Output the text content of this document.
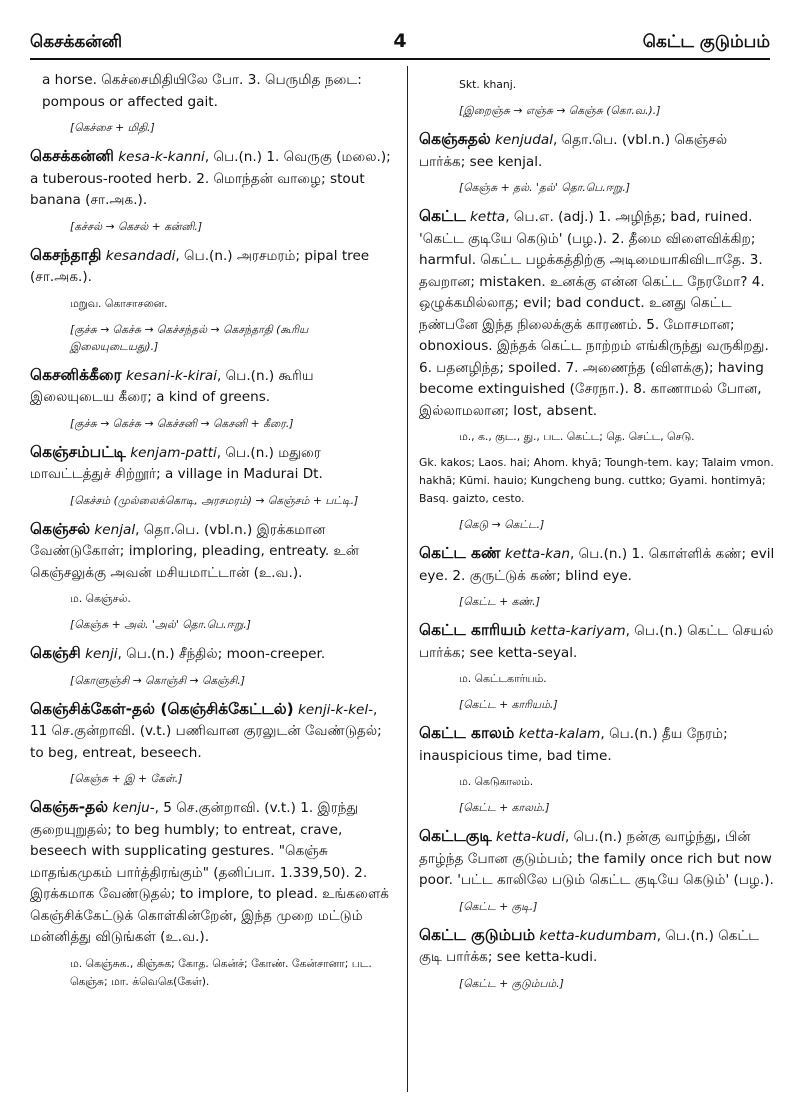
கெசக்கன்னி	4	கெட்ட குடும்பம்

a horse. கெச்சைமிதியிலே போ. 3. பெருமித நடை: pompous or affected gait.

[கெச்சை + மிதி.]

கெசக்கன்னி kesa-k-kanni, பெ.(n.) 1. வெருகு (மலை.); a tuberous-rooted herb. 2. மொந்தன் வாழை; stout banana (சா.அக.).

[கச்சல் → கெசல் + கன்னி.]

கெசந்தாதி kesandadi, பெ.(n.) அரசமரம்; pipal tree (சா.அக.).

மறுவ. கொசாசனை.
[குச்சு → கெச்சு → கெச்சந்தல் → கெசந்தாதி (கூரிய இலையுடையது).]

கெசனிக்கீரை kesani-k-kirai, பெ.(n.) கூரிய இலையுடைய கீரை; a kind of greens.

[குச்சு → கெச்சு → கெச்சனி → கெசனி + கீரை.]

கெஞ்சம்பட்டி kenjam-patti, பெ.(n.) மதுரை மாவட்டத்துச் சிற்றூர்; a village in Madurai Dt.

[கெச்சம் (முல்லைக்கொடி, அரசமரம்) → கெஞ்சம் + பட்டி.]

கெஞ்சல் kenjal, தொ.பெ. (vbl.n.) இரக்கமான வேண்டுகோள்; imploring, pleading, entreaty. உன் கெஞ்சலுக்கு அவன் மசியமாட்டான் (உ.வ.).

ம. கெஞ்சல்.
[கெஞ்சு + அல். 'அல்' தொ.பெ.ஈறு.]

கெஞ்சி kenji, பெ.(n.) சீந்தில்; moon-creeper.

[கொளுஞ்சி → கொஞ்சி → கெஞ்சி.]

கெஞ்சிக்கேள்-தல் (கெஞ்சிக்கேட்டல்) kenji-k-kel-, 11 செ.குன்றாவி. (v.t.) பணிவான குரலுடன் வேண்டுதல்; to beg, entreat, beseech.

[கெஞ்சு + இ + கேள்.]

கெஞ்சு-தல் kenju-, 5 செ.குன்றாவி. (v.t.) 1. இரந்து குறையுறுதல்; to beg humbly; to entreat, crave, beseech with supplicating gestures. "கெஞ்சு மாதங்கமுகம் பார்த்திரங்கும்" (தனிப்பா. 1.339,50). 2. இரக்கமாக வேண்டுதல்; to implore, to plead. உங்களைக் கெஞ்சிக்கேட்டுக் கொள்கின்றேன், இந்த முறை மட்டும் மன்னித்து விடுங்கள் (உ.வ.).

ம. கெஞ்சுக., கிஞ்சுக; கோத. கென்ச்; கோண். கேன்சானா; பட. கெஞ்சு; மா. க்வெகெ(கேள்).
Skt. khanj.
[இறைஞ்சு → எஞ்சு → கெஞ்சு (கொ.வ.).]

கெஞ்சுதல் kenjudal, தொ.பெ. (vbl.n.) கெஞ்சல் பார்க்க; see kenjal.

[கெஞ்சு + தல். 'தல்' தொ.பெ.ஈறு.]

கெட்ட ketta, பெ.எ. (adj.) 1. அழிந்த; bad, ruined. 'கெட்ட குடியே கெடும்' (பழ.). 2. தீமை விளைவிக்கிற; harmful. கெட்ட பழக்கத்திற்கு அடிமையாகிவிடாதே. 3. தவறான; mistaken. உனக்கு என்ன கெட்ட நேரமோ? 4. ஒழுக்கமில்லாத; evil; bad conduct. உனது கெட்ட நண்பனே இந்த நிலைக்குக் காரணம். 5. மோசமான; obnoxious. இந்தக் கெட்ட நாற்றம் எங்கிருந்து வருகிறது. 6. பதனழிந்த; spoiled. 7. அணைந்த (விளக்கு); having become extinguished (சேரநா.). 8. காணாமல் போன, இல்லாமலான; lost, absent.

ம., க., குட., து., பட. கெட்ட; தெ. செட்ட, செடு.
Gk. kakos; Laos. hai; Ahom. khyā; Toungh-tem. kay; Talaim vmon. hakhā; Kūmi. hauio; Kungcheng bung. cuttko; Gyami. hontimyā; Basq. gaizto, cesto.
[கெடு → கெட்ட.]

கெட்ட கண் ketta-kan, பெ.(n.) 1. கொள்ளிக் கண்; evil eye. 2. குருட்டுக் கண்; blind eye.

[கெட்ட + கண்.]

கெட்ட காரியம் ketta-kariyam, பெ.(n.) கெட்ட செயல் பார்க்க; see ketta-seyal.

ம. கெட்டகார்யம்.
[கெட்ட + காரியம்.]

கெட்ட காலம் ketta-kalam, பெ.(n.) தீய நேரம்; inauspicious time, bad time.

ம. கெடுகாலம்.
[கெட்ட + காலம்.]

கெட்டகுடி ketta-kudi, பெ.(n.) நன்கு வாழ்ந்து, பின் தாழ்ந்த போன குடும்பம்; the family once rich but now poor. 'பட்ட காலிலே படும் கெட்ட குடியே கெடும்' (பழ.).

[கெட்ட + குடி.]

கெட்ட குடும்பம் ketta-kudumbam, பெ.(n.) கெட்ட குடி பார்க்க; see ketta-kudi.

[கெட்ட + குடும்பம்.]
